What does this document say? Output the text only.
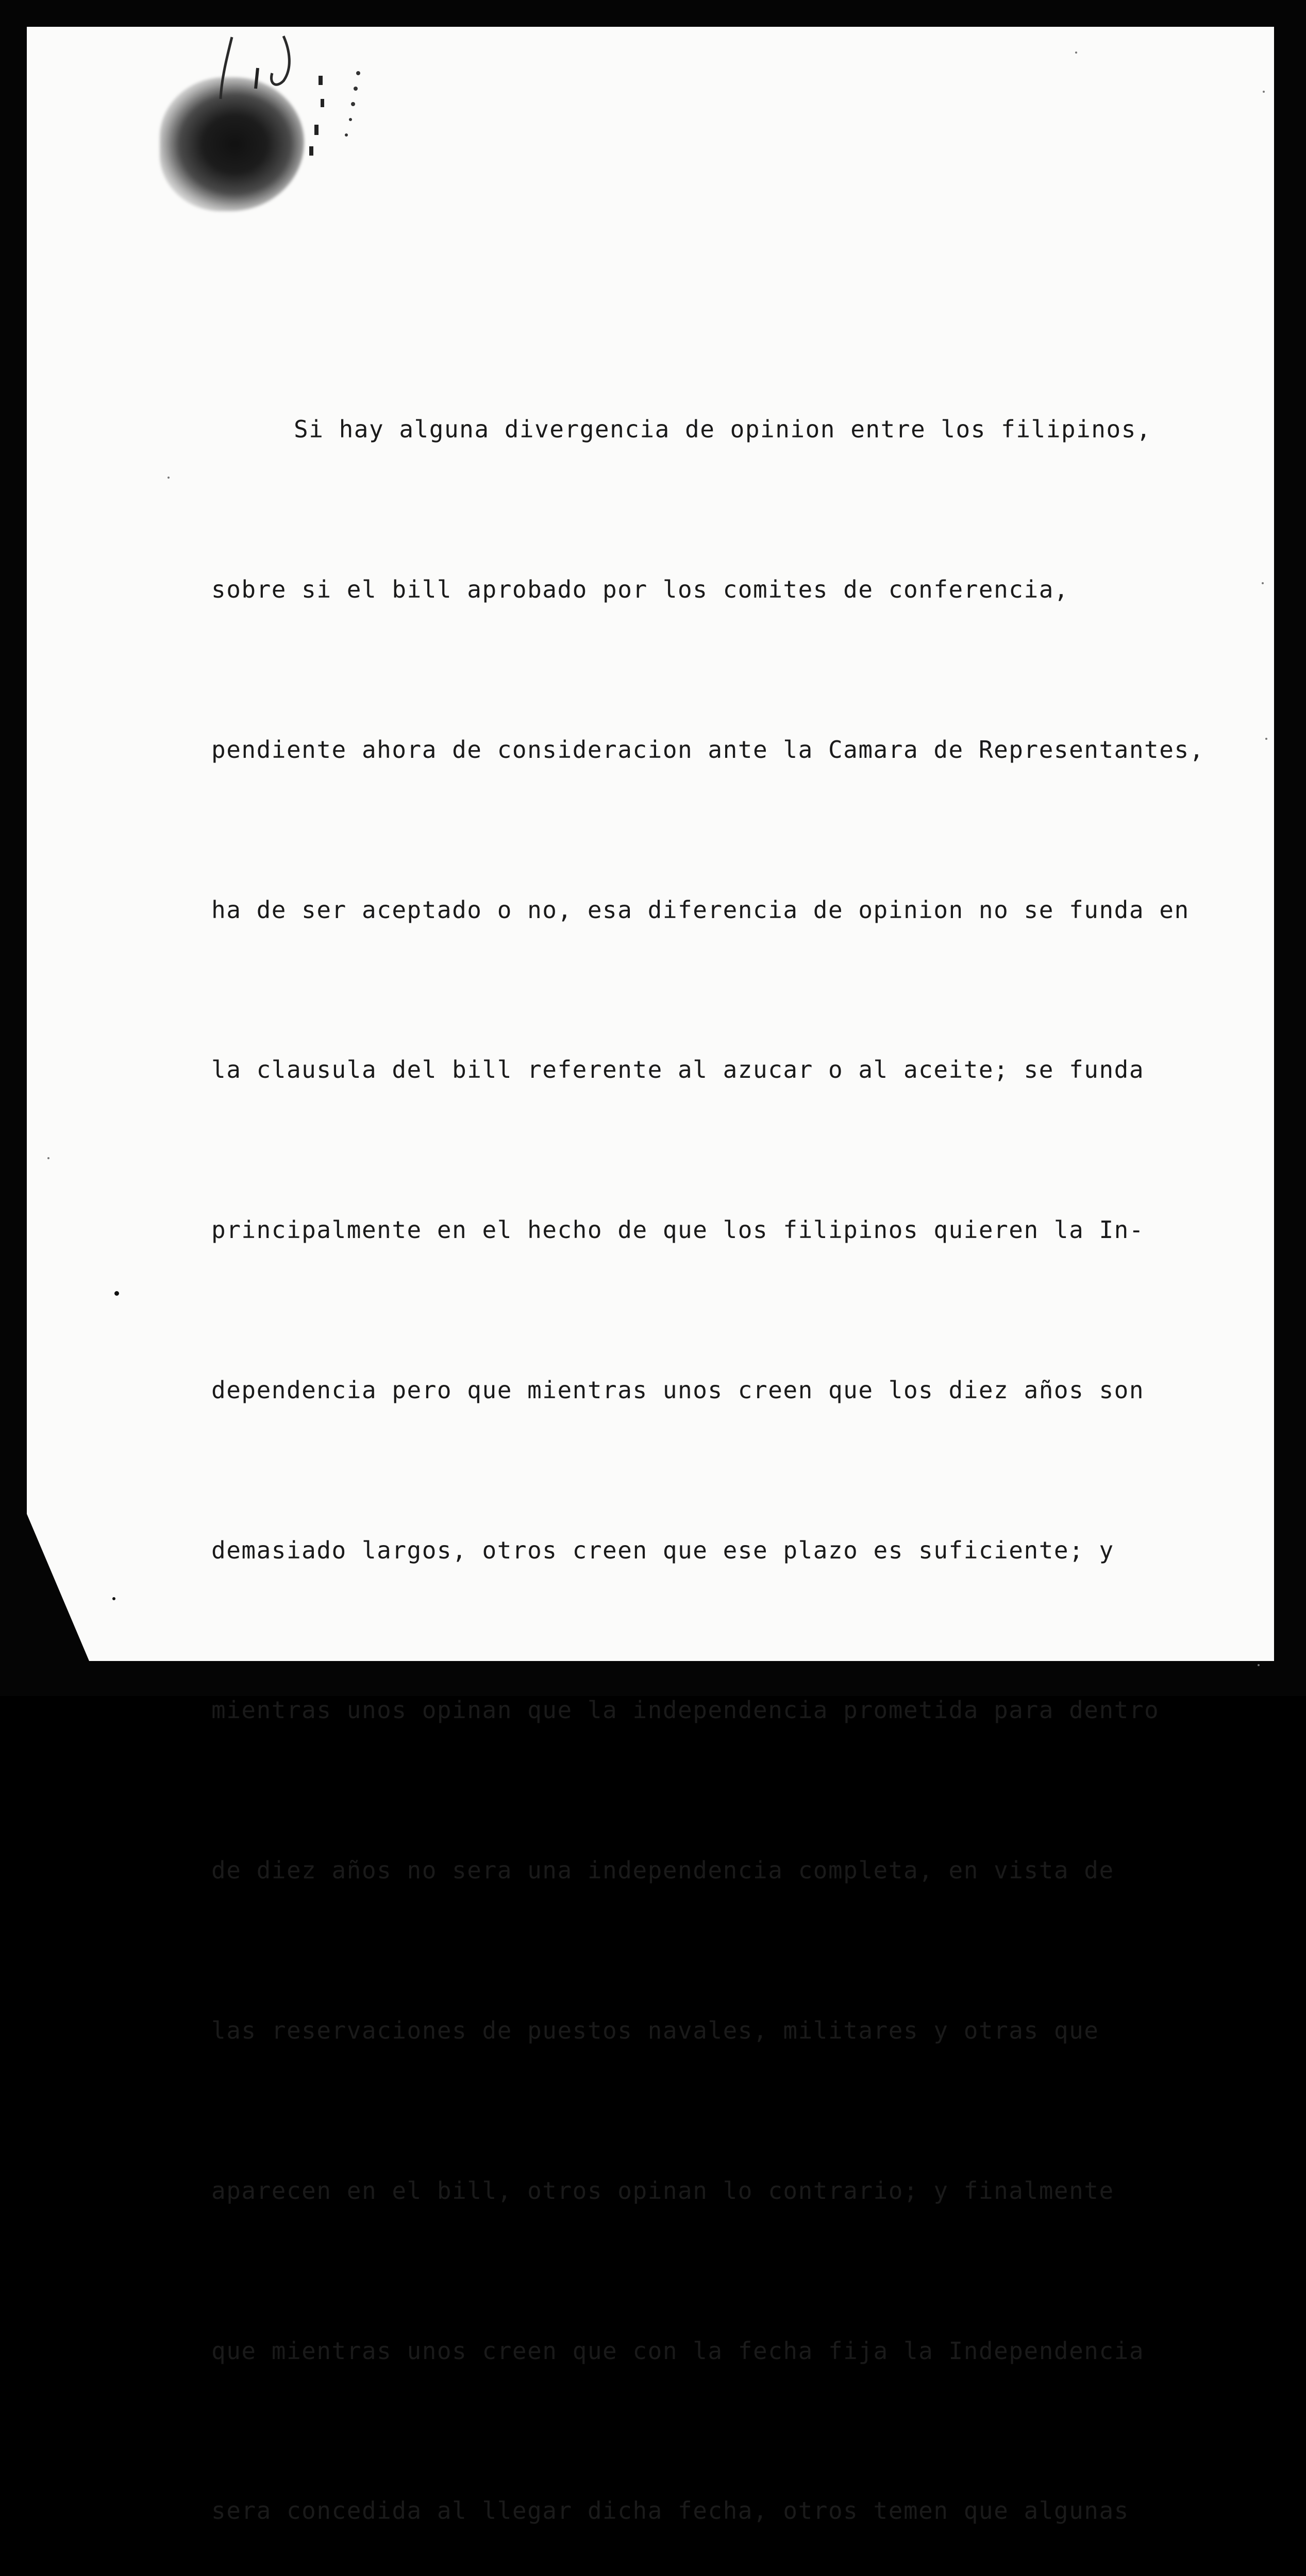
Si hay alguna divergencia de opinion entre los filipinos,

sobre si el bill aprobado por los comites de conferencia,

pendiente ahora de consideracion ante la Camara de Representantes,

ha de ser aceptado o no, esa diferencia de opinion no se funda en

la clausula del bill referente al azucar o al aceite; se funda

principalmente en el hecho de que los filipinos quieren la In-

dependencia pero que mientras unos creen que los diez años son

demasiado largos, otros creen que ese plazo es suficiente; y

mientras unos opinan que la independencia prometida para dentro

de diez años no sera una independencia completa, en vista de

las reservaciones de puestos navales, militares y otras que

aparecen en el bill, otros opinan lo contrario; y finalmente

que mientras unos creen que con la fecha fija la Independencia

sera concedida al llegar dicha fecha, otros temen que algunas
